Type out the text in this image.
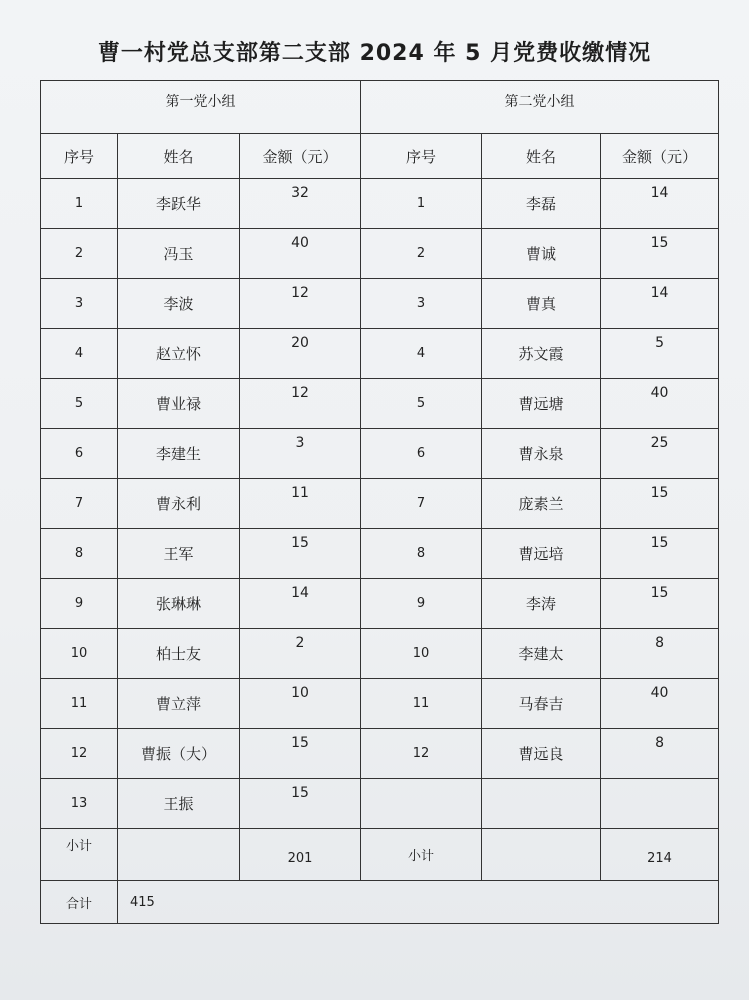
曹一村党总支部第二支部 2024 年 5 月党费收缴情况
第一党小组			第二党小组		
序号	姓名	金额（元）	序号	姓名	金额（元）
1	李跃华	32	1	李磊	14
2	冯玉	40	2	曹诚	15
3	李波	12	3	曹真	14
4	赵立怀	20	4	苏文霞	5
5	曹业禄	12	5	曹远塘	40
6	李建生	3	6	曹永泉	25
7	曹永利	11	7	庞素兰	15
8	王军	15	8	曹远培	15
9	张琳琳	14	9	李涛	15
10	柏士友	2	10	李建太	8
11	曹立萍	10	11	马春吉	40
12	曹振（大）	15	12	曹远良	8
13	王振	15			
小计		201	小计		214
合计	415				
